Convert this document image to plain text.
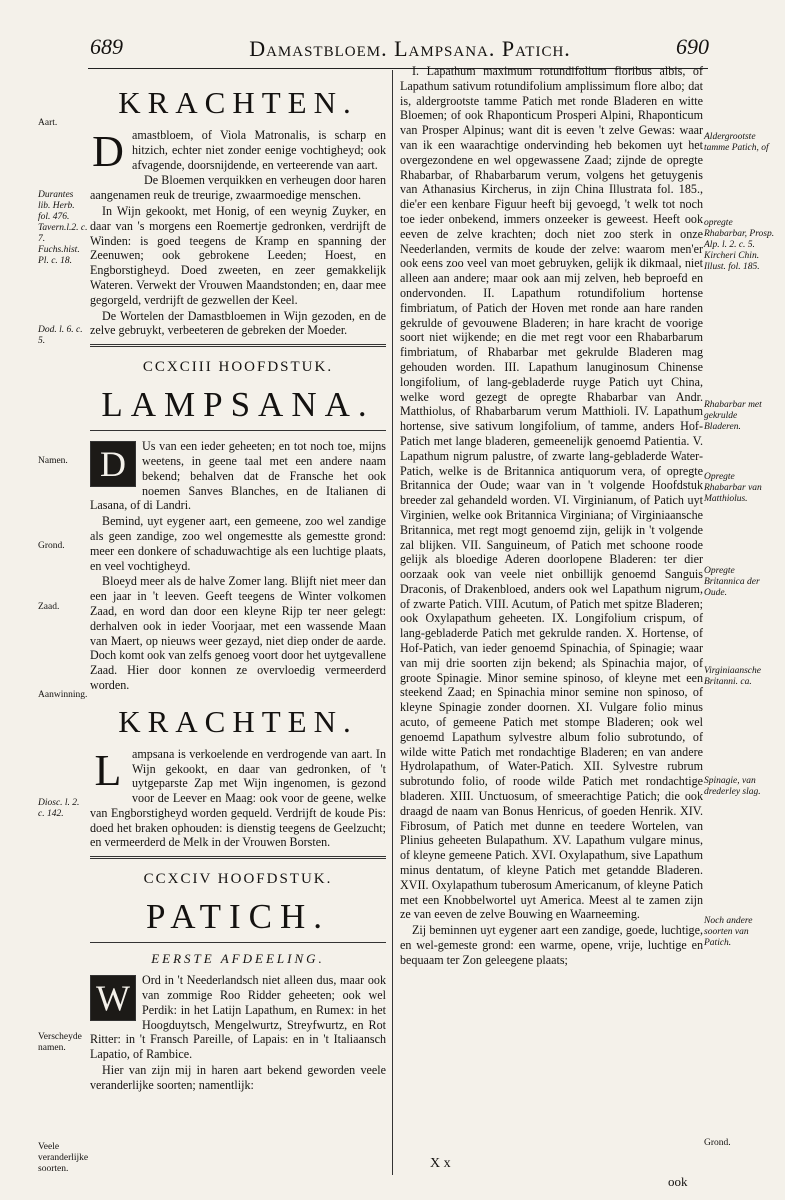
689	Damastbloem. Lampsana. Patich.	690
KRACHTEN.

Damastbloem, of Viola Matronalis, is scharp en hitzich, echter niet zonder eenige vochtigheyd; ook afvagende, doorsnijdende, en verteerende van aart.

De Bloemen verquikken en verheugen door haren aangenamen reuk de treurige, zwaarmoedige menschen.

In Wijn gekookt, met Honig, of een weynig Zuyker, en daar van 's morgens een Roemertje gedronken, verdrijft de Winden: is goed teegens de Kramp en spanning der Zeenuwen; ook gebrokene Leeden; Hoest, en Engborstigheyd. Doed zweeten, en zeer gemakkelijk Wateren. Verwekt der Vrouwen Maandstonden; en, daar mee gegorgeld, verdrijft de gezwellen der Keel.

De Wortelen der Damastbloemen in Wijn gezoden, en de zelve gebruykt, verbeeteren de gebreken der Moeder.

CCXCIII HOOFDSTUK.
LAMPSANA.

D	Us van een ieder geheeten; en tot noch toe, mijns weetens, in geene taal met een andere naam bekend; behalven dat de Fransche het ook noemen Sanves Blanches, en de Italianen di Lasana, of di Landri.

Bemind, uyt eygener aart, een gemeene, zoo wel zandige als geen zandige, zoo wel ongemestte als gemestte grond: meer een donkere of schaduwachtige als een luchtige plaats, en veel vochtigheyd.

Bloeyd meer als de halve Zomer lang. Blijft niet meer dan een jaar in 't leeven. Geeft teegens de Winter volkomen Zaad, en word dan door een kleyne Rijp ter neer gelegt: derhalven ook in ieder Voorjaar, met een wassende Maan van Maert, op nieuws weer gezayd, niet diep onder de aarde. Doch komt ook van zelfs genoeg voort door het uytgevallene Zaad. Hier door konnen ze overvloedig vermeerderd worden.

KRACHTEN.

Lampsana is verkoelende en verdrogende van aart. In Wijn gekookt, en daar van gedronken, of 't uytgeparste Zap met Wijn ingenomen, is gezond voor de Leever en Maag: ook voor de geene, welke van Engborstigheyd worden gequeld. Verdrijft de koude Pis: doed het braken ophouden: is dienstig teegens de Geelzucht; en vermeerderd de Melk in der Vrouwen Borsten.

CCXCIV HOOFDSTUK.
PATICH.
EERSTE AFDEELING.

W Ord in 't Neederlandsch niet alleen dus, maar ook van zommige Roo Ridder geheeten; ook wel Perdik: in het Latijn Lapathum, en Rumex: in het Hoogduytsch, Mengelwurtz, Streyfwurtz, en Rot Ritter: in 't Fransch Pareille, of Lapais: en in 't Italiaansch Lapatio, of Rambice.

Hier van zijn mij in haren aart bekend geworden veele veranderlijke soorten; namentlijk:

I. Lapathum maximum rotundifolium floribus albis, of Lapathum sativum rotundifolium amplissimum flore albo; dat is, aldergrootste tamme Patich met ronde Bladeren en witte Bloemen; of ook Rhaponticum Prosperi Alpini, Rhaponticum van Prosper Alpinus; want dit is eeven 't zelve Gewas: waar van ik een waarachtige ondervinding heb bekomen uyt het overgezondene en wel opgewassene Zaad; zijnde de opregte Rhabarbar, of Rhabarbarum verum, volgens het getuygenis van Athanasius Kircherus, in zijn China Illustrata fol. 185., die'er een kenbare Figuur heeft bij gevoegd, 't welk tot noch toe ieder onbekend, immers onzeeker is geweest. Heeft ook eeven de zelve krachten; doch niet zoo sterk in onze Neederlanden, vermits de koude der zelve: waarom men'er ook eens zoo veel van moet gebruyken, gelijk ik dikmaal, niet alleen aan andere; maar ook aan mij zelven, heb beproefd en ondervonden. II. Lapathum rotundifolium hortense fimbriatum, of Patich der Hoven met ronde aan hare randen gekrulde of gevouwene Bladeren; in hare kracht de voorige soort niet wijkende; en die met regt voor een Rhabarbarum fimbriatum, of Rhabarbar met gekrulde Bladeren mag gehouden worden. III. Lapathum lanuginosum Chinense longifolium, of lang-gebladerde ruyge Patich uyt China, welke word gezegt de opregte Rhabarbar van Andr. Matthiolus, of Rhabarbarum verum Matthioli. IV. Lapathum hortense, sive sativum longifolium, of tamme, anders Hof-Patich met lange bladeren, gemeenelijk genoemd Patientia. V. Lapathum nigrum palustre, of zwarte lang-gebladerde Water-Patich, welke is de Britannica antiquorum vera, of opregte Britannica der Oude; waar van in 't volgende Hoofdstuk breeder zal gehandeld worden. VI. Virginianum, of Patich uyt Virginien, welke ook Britannica Virginiana; of Virginiaansche Britannica, met regt mogt genoemd zijn, gelijk in 't volgende zal blijken. VII. Sanguineum, of Patich met schoone roode gelijk als bloedige Aderen doorlopene Bladeren: ter dier oorzaak ook van veele niet onbillijk genoemd Sanguis Draconis, of Drakenbloed, anders ook wel Lapathum nigrum, of zwarte Patich. VIII. Acutum, of Patich met spitze Bladeren; ook Oxylapathum geheeten. IX. Longifolium crispum, of lang-gebladerde Patich met gekrulde randen. X. Hortense, of Hof-Patich, van ieder genoemd Spinachia, of Spinagie; waar van mij drie soorten zijn bekend; als Spinachia major, of groote Spinagie. Minor semine spinoso, of kleyne met een steekend Zaad; en Spinachia minor semine non spinoso, of kleyne Spinagie zonder doornen. XI. Vulgare folio minus acuto, of gemeene Patich met stompe Bladeren; ook wel genoemd Lapathum sylvestre album folio subrotundo, of wilde witte Patich met rondachtige Bladeren; en van andere Hydrolapathum, of Water-Patich. XII. Sylvestre rubrum subrotundo folio, of roode wilde Patich met rondachtige bladeren. XIII. Unctuosum, of smeerachtige Patich; die ook draagd de naam van Bonus Henricus, of goeden Henrik. XIV. Fibrosum, of Patich met dunne en teedere Wortelen, van Plinius geheeten Bulapathum. XV. Lapathum vulgare minus, of kleyne gemeene Patich. XVI. Oxylapathum, sive Lapathum minus dentatum, of kleyne Patich met getandde Bladeren. XVII. Oxylapathum tuberosum Americanum, of kleyne Patich met een Knobbelwortel uyt America. Meest al te zamen zijn ze van eeven de zelve Bouwing en Waarneeming.

Zij beminnen uyt eygener aart een zandige, goede, luchtige, en wel-gemeste grond: een warme, opene, vrije, luchtige en bequaam ter Zon geleegene plaats;

Aart.
Durantes lib. Herb. fol. 476. Tavern.l.2. c. 7. Fuchs.hist. Pl. c. 18.
Dod. l. 6. c. 5.
Namen.
Grond.
Zaad.
Aanwinning.
Diosc. l. 2. c. 142.
Verscheyde namen.
Veele veranderlijke soorten.
Aldergrootste tamme Patich, of
opregte Rhabarbar, Prosp. Alp. l. 2. c. 5. Kircheri Chin. Illust. fol. 185.
Rhabarbar met gekrulde Bladeren.
Opregte Rhabarbar van Matthiolus.
Opregte Britannica der Oude.
Virginiaansche Britanni. ca.
Spinagie, van drederley slag.
Noch andere soorten van Patich.
Grond.
X x
ook
